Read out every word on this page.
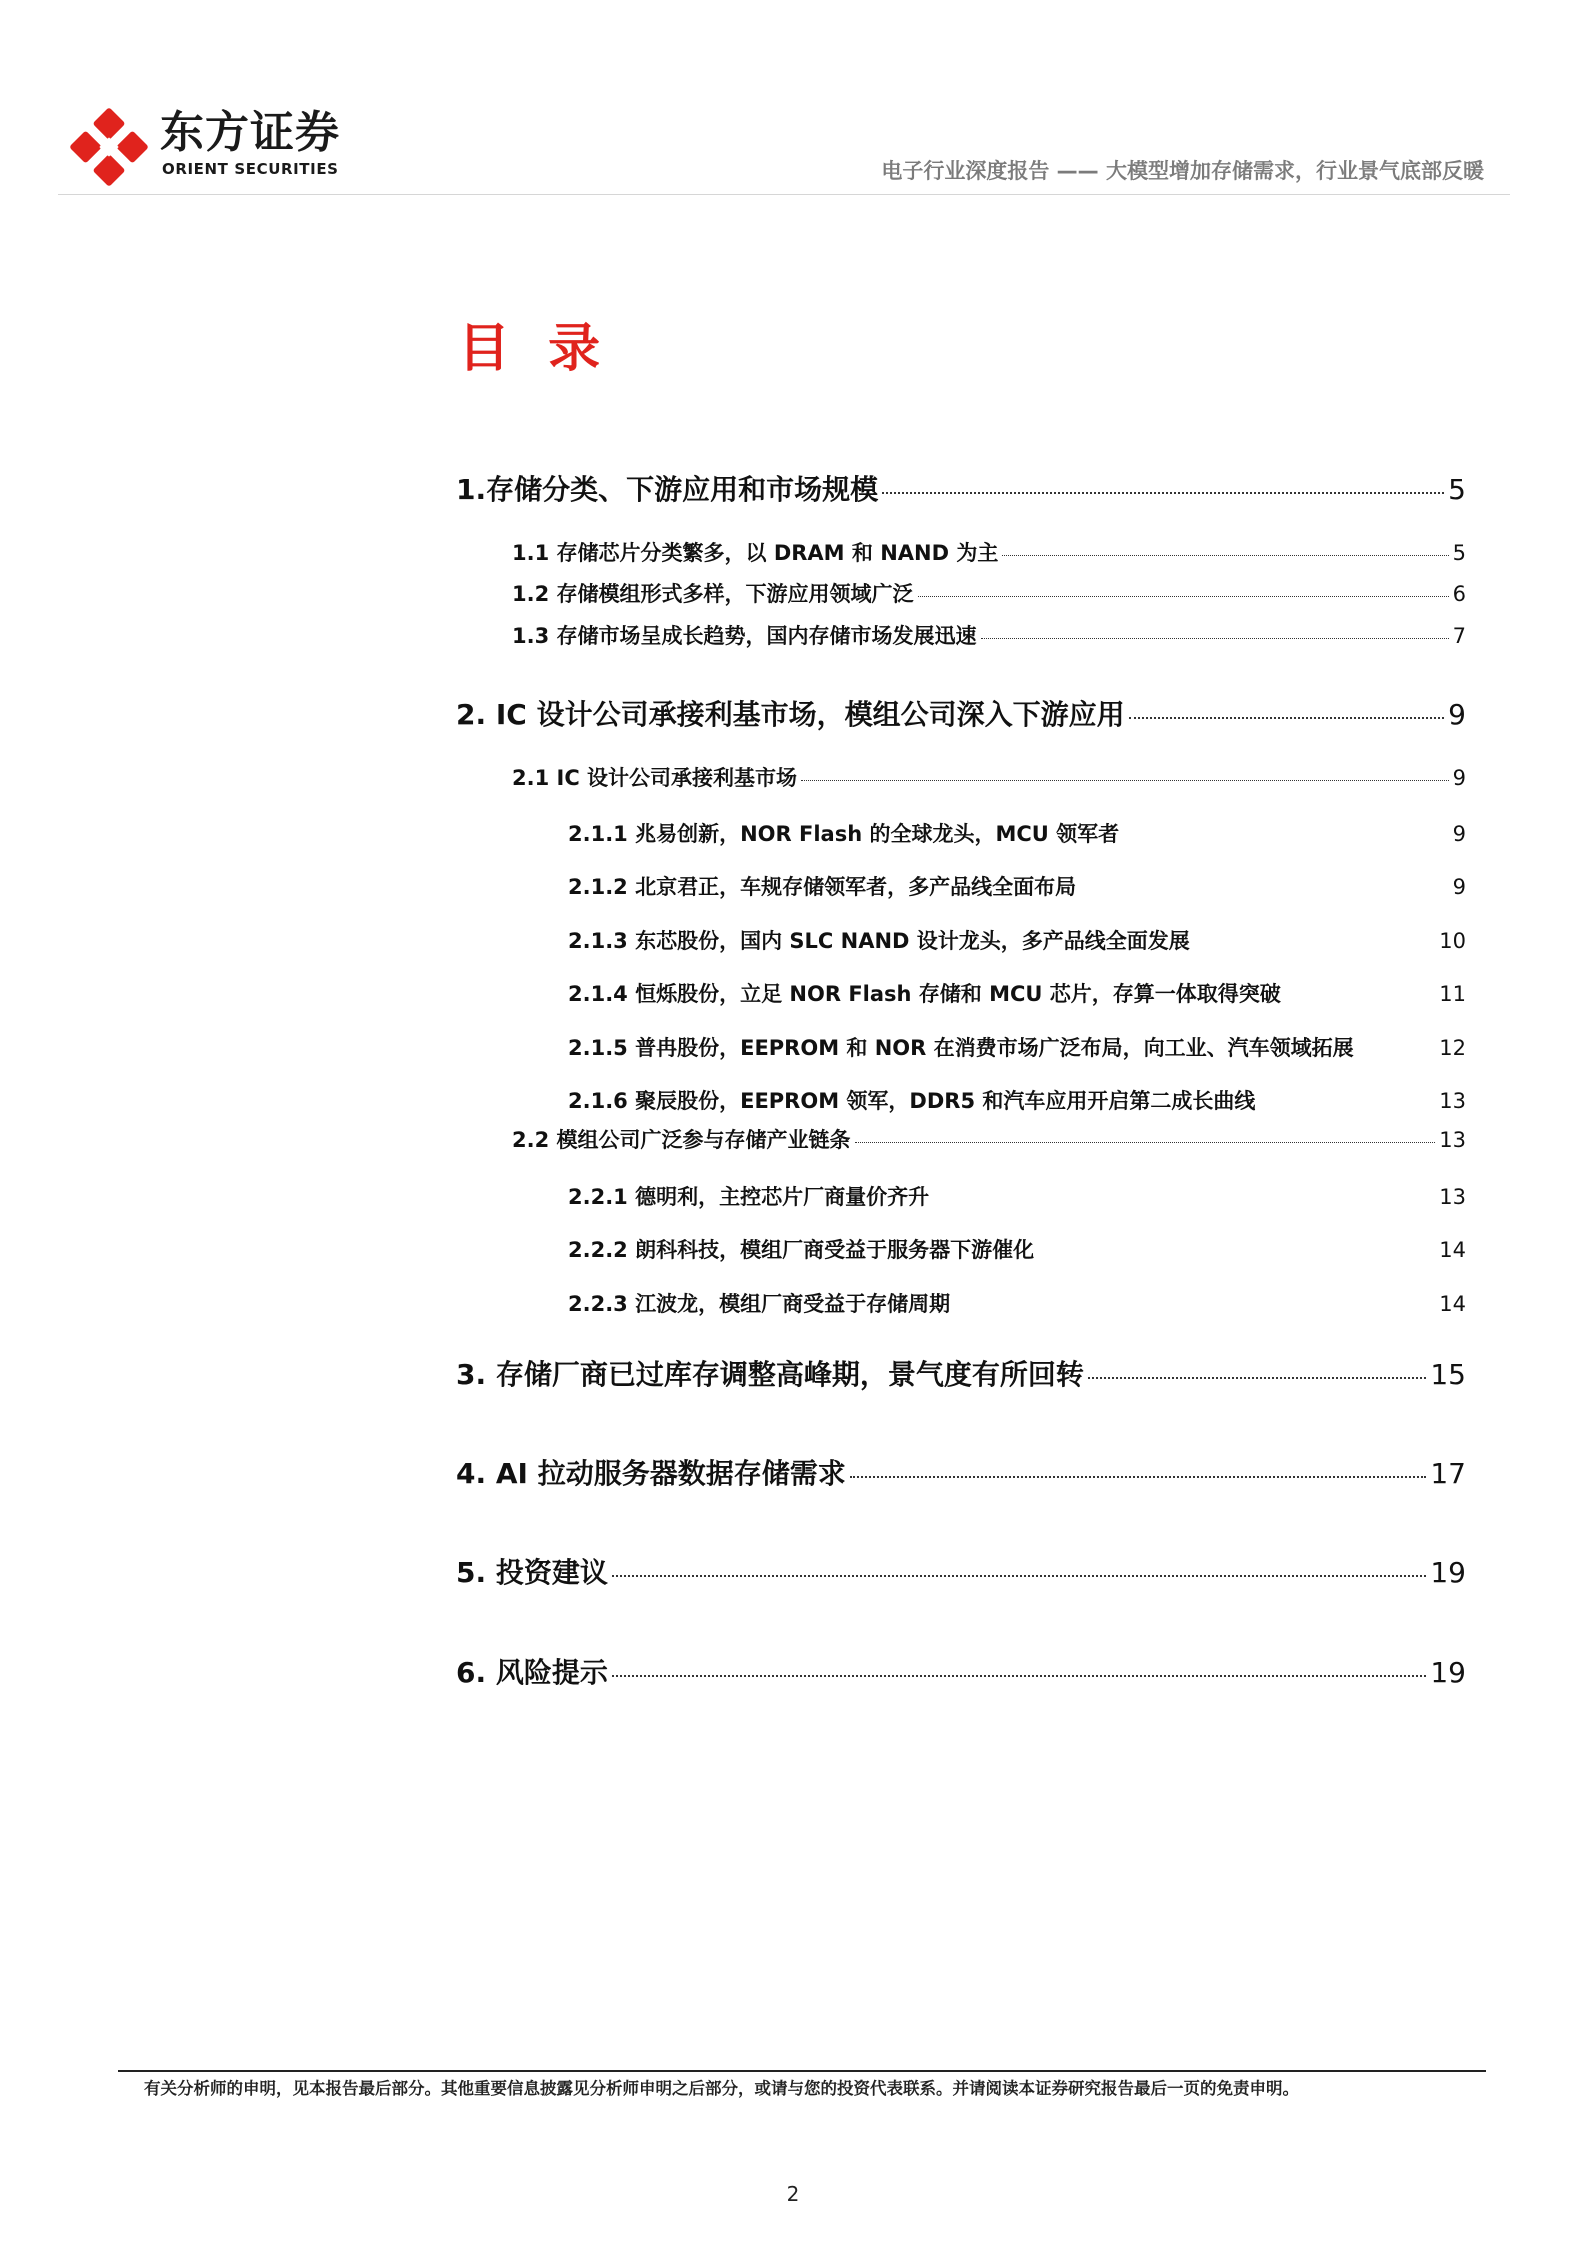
东方证券
ORIENT SECURITIES	电子行业深度报告 —— 大模型增加存储需求，行业景气底部反暖
目 录
1.存储分类、下游应用和市场规模	5
1.1 存储芯片分类繁多，以 DRAM 和 NAND 为主	5
1.2 存储模组形式多样，下游应用领域广泛	6
1.3 存储市场呈成长趋势，国内存储市场发展迅速	7
2. IC 设计公司承接利基市场，模组公司深入下游应用	9
2.1 IC 设计公司承接利基市场	9
2.1.1 兆易创新，NOR Flash 的全球龙头，MCU 领军者	9
2.1.2 北京君正，车规存储领军者，多产品线全面布局	9
2.1.3 东芯股份，国内 SLC NAND 设计龙头，多产品线全面发展	10
2.1.4 恒烁股份，立足 NOR Flash 存储和 MCU 芯片，存算一体取得突破	11
2.1.5 普冉股份，EEPROM 和 NOR 在消费市场广泛布局，向工业、汽车领域拓展	12
2.1.6 聚辰股份，EEPROM 领军，DDR5 和汽车应用开启第二成长曲线	13
2.2 模组公司广泛参与存储产业链条	13
2.2.1 德明利，主控芯片厂商量价齐升	13
2.2.2 朗科科技，模组厂商受益于服务器下游催化	14
2.2.3 江波龙，模组厂商受益于存储周期	14
3. 存储厂商已过库存调整高峰期，景气度有所回转	15
4. AI 拉动服务器数据存储需求	17
5. 投资建议	19
6. 风险提示	19
有关分析师的申明，见本报告最后部分。其他重要信息披露见分析师申明之后部分，或请与您的投资代表联系。并请阅读本证券研究报告最后一页的免责申明。
2
